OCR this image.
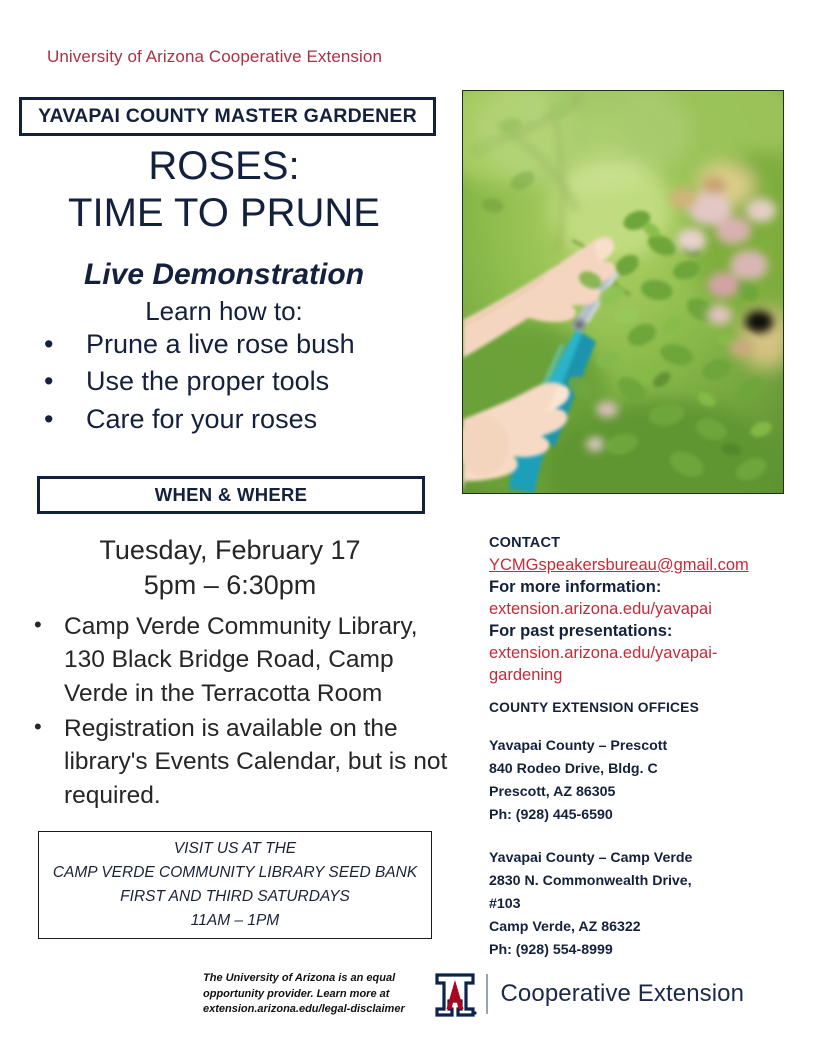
University of Arizona Cooperative Extension
YAVAPAI COUNTY MASTER GARDENER
ROSES:
TIME TO PRUNE
Live Demonstration
Learn how to:
• Prune a live rose bush
• Use the proper tools
• Care for your roses
WHEN & WHERE
Tuesday, February 17
5pm – 6:30pm
• Camp Verde Community Library, 130 Black Bridge Road, Camp Verde in the Terracotta Room
• Registration is available on the library's Events Calendar, but is not required.
VISIT US AT THE
CAMP VERDE COMMUNITY LIBRARY SEED BANK
FIRST AND THIRD SATURDAYS
11AM – 1PM
CONTACT
YCMGspeakersbureau@gmail.com
For more information:
extension.arizona.edu/yavapai
For past presentations:
extension.arizona.edu/yavapai-
gardening
COUNTY EXTENSION OFFICES
Yavapai County – Prescott
840 Rodeo Drive, Bldg. C
Prescott, AZ 86305
Ph: (928) 445-6590
Yavapai County – Camp Verde
2830 N. Commonwealth Drive,
#103
Camp Verde, AZ 86322
Ph: (928) 554-8999
The University of Arizona is an equal
opportunity provider. Learn more at
extension.arizona.edu/legal-disclaimer
Cooperative Extension
